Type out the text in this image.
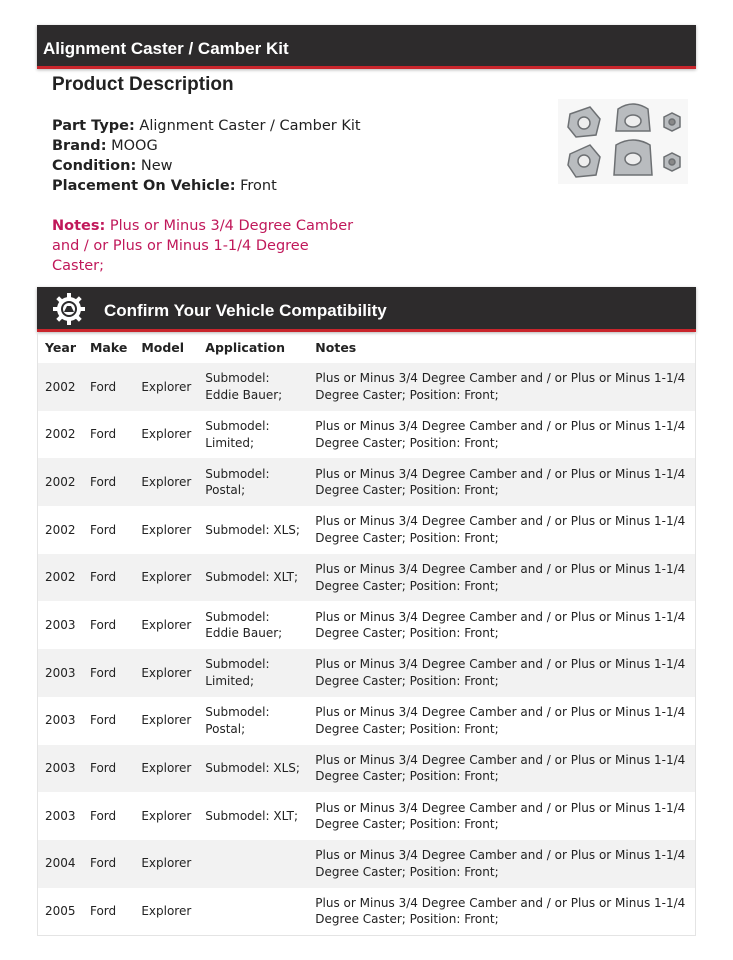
Alignment Caster / Camber Kit
Product Description
Part Type: Alignment Caster / Camber Kit
Brand: MOOG
Condition: New
Placement On Vehicle: Front
Notes: Plus or Minus 3/4 Degree Camber and / or Plus or Minus 1-1/4 Degree Caster;
Confirm Your Vehicle Compatibility
Year	Make	Model	Application	Notes
2002	Ford	Explorer	Submodel: Eddie Bauer;	Plus or Minus 3/4 Degree Camber and / or Plus or Minus 1-1/4 Degree Caster; Position: Front;
2002	Ford	Explorer	Submodel: Limited;	Plus or Minus 3/4 Degree Camber and / or Plus or Minus 1-1/4 Degree Caster; Position: Front;
2002	Ford	Explorer	Submodel: Postal;	Plus or Minus 3/4 Degree Camber and / or Plus or Minus 1-1/4 Degree Caster; Position: Front;
2002	Ford	Explorer	Submodel: XLS;	Plus or Minus 3/4 Degree Camber and / or Plus or Minus 1-1/4 Degree Caster; Position: Front;
2002	Ford	Explorer	Submodel: XLT;	Plus or Minus 3/4 Degree Camber and / or Plus or Minus 1-1/4 Degree Caster; Position: Front;
2003	Ford	Explorer	Submodel: Eddie Bauer;	Plus or Minus 3/4 Degree Camber and / or Plus or Minus 1-1/4 Degree Caster; Position: Front;
2003	Ford	Explorer	Submodel: Limited;	Plus or Minus 3/4 Degree Camber and / or Plus or Minus 1-1/4 Degree Caster; Position: Front;
2003	Ford	Explorer	Submodel: Postal;	Plus or Minus 3/4 Degree Camber and / or Plus or Minus 1-1/4 Degree Caster; Position: Front;
2003	Ford	Explorer	Submodel: XLS;	Plus or Minus 3/4 Degree Camber and / or Plus or Minus 1-1/4 Degree Caster; Position: Front;
2003	Ford	Explorer	Submodel: XLT;	Plus or Minus 3/4 Degree Camber and / or Plus or Minus 1-1/4 Degree Caster; Position: Front;
2004	Ford	Explorer		Plus or Minus 3/4 Degree Camber and / or Plus or Minus 1-1/4 Degree Caster; Position: Front;
2005	Ford	Explorer		Plus or Minus 3/4 Degree Camber and / or Plus or Minus 1-1/4 Degree Caster; Position: Front;
